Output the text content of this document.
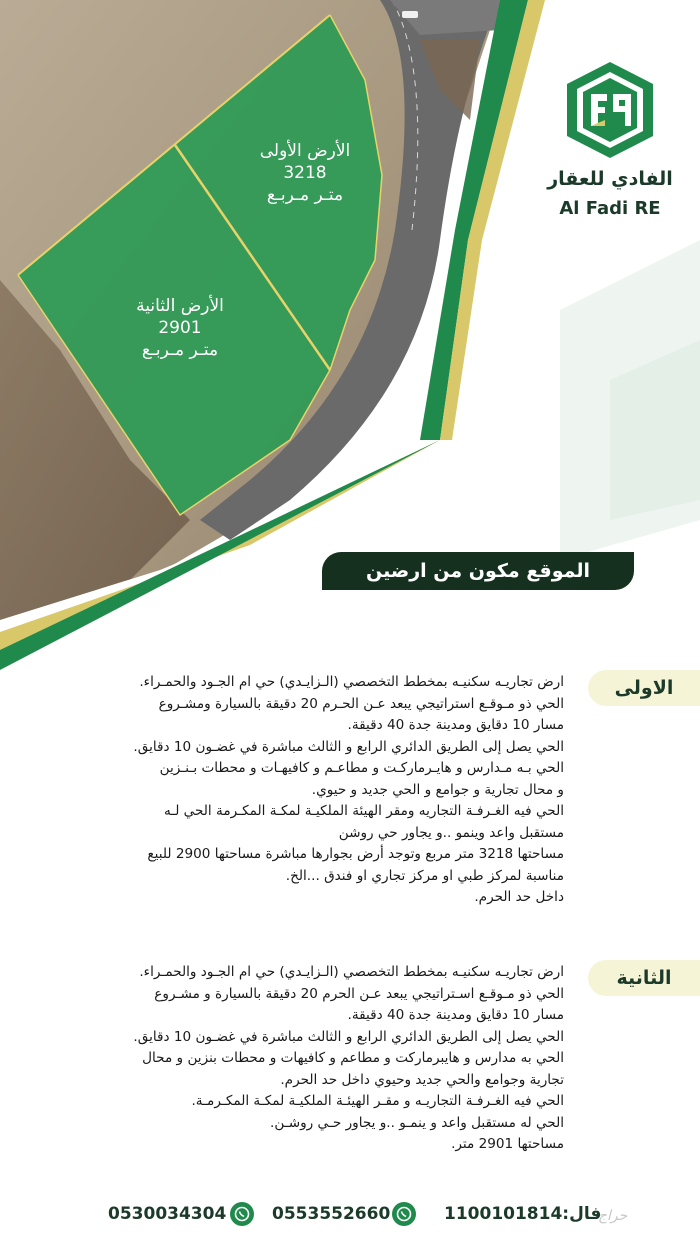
الأرض الأولى
3218
متـر مـربـع
الأرض الثانية
2901
متـر مـربـع
الفادي للعقار
Al Fadi RE
الموقع مكون من ارضين
الاولى

ارض تجاريـه سكنيـه بمخطط التخصصي (الـزايـدي) حي ام الجـود والحمـراء.

الحي ذو مـوقـع استراتيجي يبعد عـن الحـرم 20 دقيقة بالسيارة ومشـروع

مسار 10 دقايق ومدينة جدة 40 دقيقة.

الحي يصل إلى الطريق الدائري الرابع و الثالث مباشرة في غضـون 10 دقايق.

الحي بـه مـدارس و هايـرماركـت و مطاعـم و كافيهـات و محطات بـنـزين

و محال تجارية و جوامع و الحي جديد و حيوي.

الحي فيه الغـرفـة التجاريه ومقر الهيئة الملكيـة لمكـة المكـرمة الحي لـه

مستقبل واعد وينمو ..و يجاور حي روشن

مساحتها 3218 متر مربع وتوجد أرض بجوارها مباشرة مساحتها 2900 للبيع

مناسبة لمركز طبي او مركز تجاري او فندق ...الخ.

داخل حد الحرم.

الثانية

ارض تجاريـه سكنيـه بمخطط التخصصي (الـزايـدي) حي ام الجـود والحمـراء.

الحي ذو مـوقـع اسـتراتيجي يبعد عـن الحرم 20 دقيقة بالسيارة و مشـروع

مسار 10 دقايق ومدينة جدة 40 دقيقة.

الحي يصل إلى الطريق الدائري الرابع و الثالث مباشرة في غضـون 10 دقايق.

الحي به مدارس و هايبرماركت و مطاعم و كافيهات و محطات بنزين و محال

تجارية وجوامع والحي جديد وحيوي داخل حد الحرم.

الحي فيه الغـرفـة التجاريـه و مقـر الهيئـة الملكيـة لمكـة المكـرمـة.

الحي له مستقبل واعد و ينمـو ..و يجاور حـي روشـن.

مساحتها 2901 متر.

0530034304	0553552660	فال:1100101814
حراج
